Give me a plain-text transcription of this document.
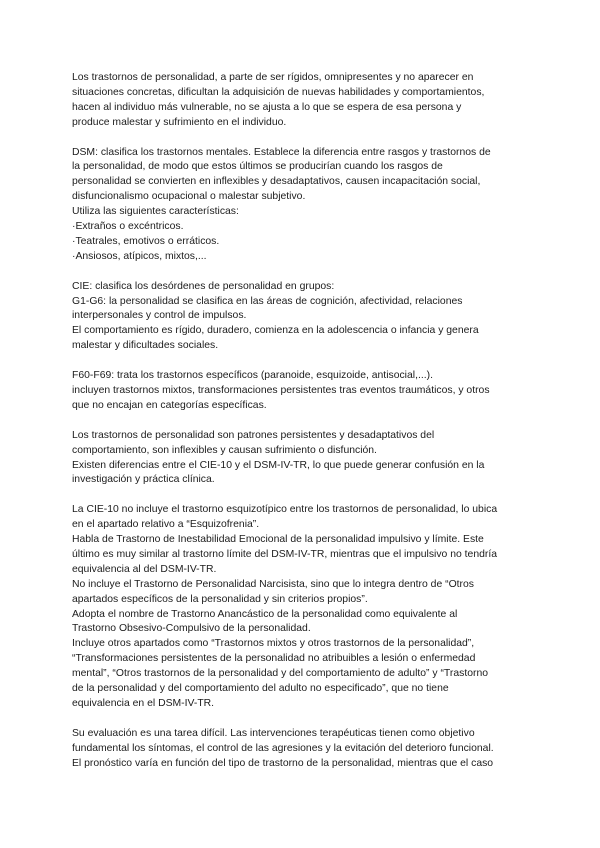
Los trastornos de personalidad, a parte de ser rígidos, omnipresentes y no aparecer en
situaciones concretas, dificultan la adquisición de nuevas habilidades y comportamientos,
hacen al individuo más vulnerable, no se ajusta a lo que se espera de esa persona y
produce malestar y sufrimiento en el individuo.
DSM: clasifica los trastornos mentales. Establece la diferencia entre rasgos y trastornos de
la personalidad, de modo que estos últimos se producirían cuando los rasgos de
personalidad se convierten en inflexibles y desadaptativos, causen incapacitación social,
disfuncionalismo ocupacional o malestar subjetivo.
Utiliza las siguientes características:
·Extraños o excéntricos.
·Teatrales, emotivos o erráticos.
·Ansiosos, atípicos, mixtos,...
CIE: clasifica los desórdenes de personalidad en grupos:
G1-G6: la personalidad se clasifica en las áreas de cognición, afectividad, relaciones
interpersonales y control de impulsos.
El comportamiento es rígido, duradero, comienza en la adolescencia o infancia y genera
malestar y dificultades sociales.
F60-F69: trata los trastornos específicos (paranoide, esquizoide, antisocial,...).
incluyen trastornos mixtos, transformaciones persistentes tras eventos traumáticos, y otros
que no encajan en categorías específicas.
Los trastornos de personalidad son patrones persistentes y desadaptativos del
comportamiento, son inflexibles y causan sufrimiento o disfunción.
Existen diferencias entre el CIE-10 y el DSM-IV-TR, lo que puede generar confusión en la
investigación y práctica clínica.
La CIE-10 no incluye el trastorno esquizotípico entre los trastornos de personalidad, lo ubica
en el apartado relativo a “Esquizofrenia”.
Habla de Trastorno de Inestabilidad Emocional de la personalidad impulsivo y límite. Este
último es muy similar al trastorno límite del DSM-IV-TR, mientras que el impulsivo no tendría
equivalencia al del DSM-IV-TR.
No incluye el Trastorno de Personalidad Narcisista, sino que lo integra dentro de “Otros
apartados específicos de la personalidad y sin criterios propios”.
Adopta el nombre de Trastorno Anancástico de la personalidad como equivalente al
Trastorno Obsesivo-Compulsivo de la personalidad.
Incluye otros apartados como “Trastornos mixtos y otros trastornos de la personalidad”,
“Transformaciones persistentes de la personalidad no atribuibles a lesión o enfermedad
mental”, “Otros trastornos de la personalidad y del comportamiento de adulto” y “Trastorno
de la personalidad y del comportamiento del adulto no especificado”, que no tiene
equivalencia en el DSM-IV-TR.
Su evaluación es una tarea difícil. Las intervenciones terapéuticas tienen como objetivo
fundamental los síntomas, el control de las agresiones y la evitación del deterioro funcional.
El pronóstico varía en función del tipo de trastorno de la personalidad, mientras que el caso
